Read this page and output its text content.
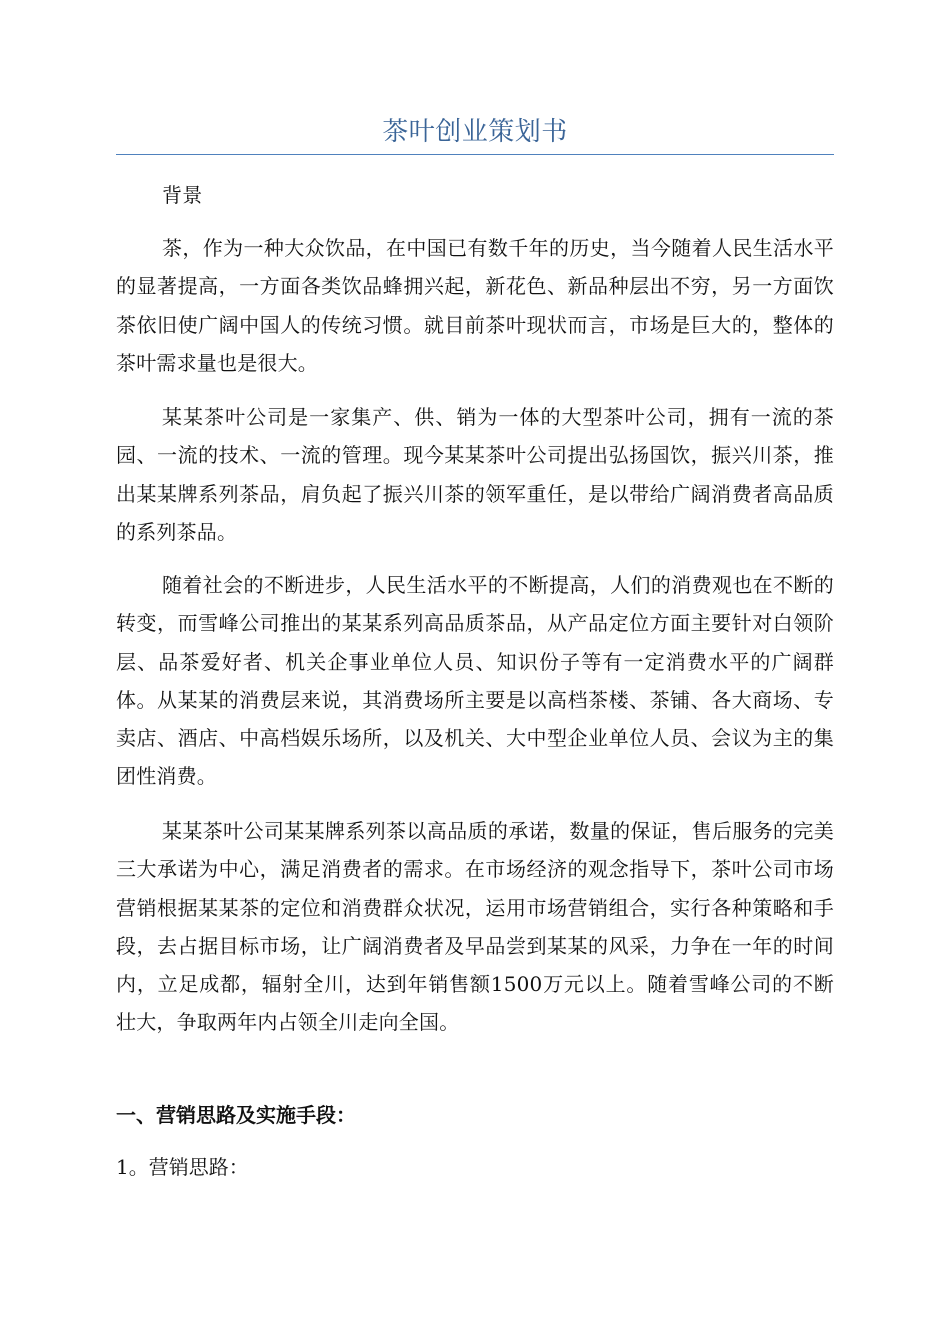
茶叶创业策划书

背景

茶，作为一种大众饮品，在中国已有数千年的历史，当今随着人民生活水平的显著提高，一方面各类饮品蜂拥兴起，新花色、新品种层出不穷，另一方面饮茶依旧使广阔中国人的传统习惯。就目前茶叶现状而言，市场是巨大的，整体的茶叶需求量也是很大。

某某茶叶公司是一家集产、供、销为一体的大型茶叶公司，拥有一流的茶园、一流的技术、一流的管理。现今某某茶叶公司提出弘扬国饮，振兴川茶，推出某某牌系列茶品，肩负起了振兴川茶的领军重任，是以带给广阔消费者高品质的系列茶品。

随着社会的不断进步，人民生活水平的不断提高，人们的消费观也在不断的转变，而雪峰公司推出的某某系列高品质茶品，从产品定位方面主要针对白领阶层、品茶爱好者、机关企事业单位人员、知识份子等有一定消费水平的广阔群体。从某某的消费层来说，其消费场所主要是以高档茶楼、茶铺、各大商场、专卖店、酒店、中高档娱乐场所，以及机关、大中型企业单位人员、会议为主的集团性消费。

某某茶叶公司某某牌系列茶以高品质的承诺，数量的保证，售后服务的完美三大承诺为中心，满足消费者的需求。在市场经济的观念指导下，茶叶公司市场营销根据某某茶的定位和消费群众状况，运用市场营销组合，实行各种策略和手段，去占据目标市场，让广阔消费者及早品尝到某某的风采，力争在一年的时间内，立足成都，辐射全川，达到年销售额1500万元以上。随着雪峰公司的不断壮大，争取两年内占领全川走向全国。

一、营销思路及实施手段：

1。营销思路：
